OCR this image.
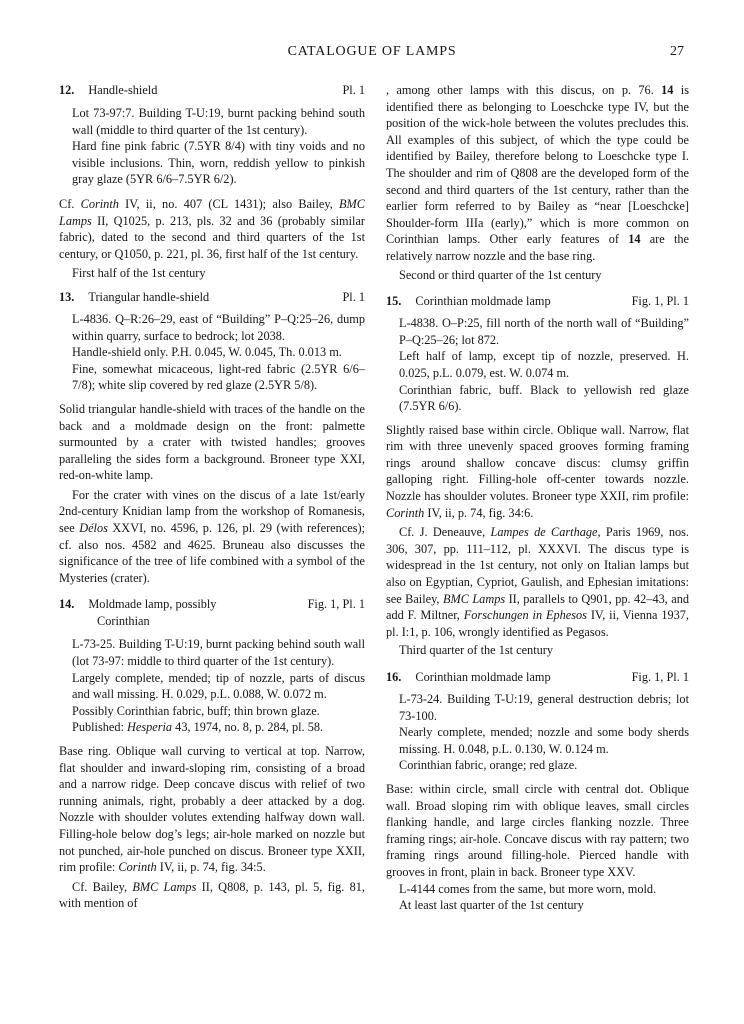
CATALOGUE OF LAMPS	27
12. Handle-shield	Pl. 1

Lot 73-97:7. Building T-U:19, burnt packing behind south wall (middle to third quarter of the 1st century).

Hard fine pink fabric (7.5YR 8/4) with tiny voids and no visible inclusions. Thin, worn, reddish yellow to pinkish gray glaze (5YR 6/6–7.5YR 6/2).

Cf. Corinth IV, ii, no. 407 (CL 1431); also Bailey, BMC Lamps II, Q1025, p. 213, pls. 32 and 36 (probably similar fabric), dated to the second and third quarters of the 1st century, or Q1050, p. 221, pl. 36, first half of the 1st century.

First half of the 1st century

13. Triangular handle-shield	Pl. 1

L-4836. Q–R:26–29, east of “Building” P–Q:25–26, dump within quarry, surface to bedrock; lot 2038.

Handle-shield only. P.H. 0.045, W. 0.045, Th. 0.013 m.

Fine, somewhat micaceous, light-red fabric (2.5YR 6/6–7/8); white slip covered by red glaze (2.5YR 5/8).

Solid triangular handle-shield with traces of the handle on the back and a moldmade design on the front: palmette surmounted by a crater with twisted handles; grooves paralleling the sides form a background. Broneer type XXI, red-on-white lamp.

For the crater with vines on the discus of a late 1st/early 2nd-century Knidian lamp from the workshop of Romanesis, see Délos XXVI, no. 4596, p. 126, pl. 29 (with references); cf. also nos. 4582 and 4625. Bruneau also discusses the significance of the tree of life combined with a symbol of the Mysteries (crater).

14. Moldmade lamp, possibly	Fig. 1, Pl. 1
Corinthian

L-73-25. Building T-U:19, burnt packing behind south wall (lot 73-97: middle to third quarter of the 1st century).

Largely complete, mended; tip of nozzle, parts of discus and wall missing. H. 0.029, p.L. 0.088, W. 0.072 m.

Possibly Corinthian fabric, buff; thin brown glaze.

Published: Hesperia 43, 1974, no. 8, p. 284, pl. 58.

Base ring. Oblique wall curving to vertical at top. Narrow, flat shoulder and inward-sloping rim, consisting of a broad and a narrow ridge. Deep concave discus with relief of two running animals, right, probably a deer attacked by a dog. Nozzle with shoulder volutes extending halfway down wall. Filling-hole below dog’s legs; air-hole marked on nozzle but not punched, air-hole punched on discus. Broneer type XXII, rim profile: Corinth IV, ii, p. 74, fig. 34:5.

Cf. Bailey, BMC Lamps II, Q808, p. 143, pl. 5, fig. 81, with mention of

, among other lamps with this discus, on p. 76. 14 is identified there as belonging to Loeschcke type IV, but the position of the wick-hole between the volutes precludes this. All examples of this subject, of which the type could be identified by Bailey, therefore belong to Loeschcke type I. The shoulder and rim of Q808 are the developed form of the second and third quarters of the 1st century, rather than the earlier form referred to by Bailey as “near [Loeschcke] Shoulder-form IIIa (early),” which is more common on Corinthian lamps. Other early features of 14 are the relatively narrow nozzle and the base ring.

Second or third quarter of the 1st century

15. Corinthian moldmade lamp	Fig. 1, Pl. 1

L-4838. O–P:25, fill north of the north wall of “Building” P–Q:25–26; lot 872.

Left half of lamp, except tip of nozzle, preserved. H. 0.025, p.L. 0.079, est. W. 0.074 m.

Corinthian fabric, buff. Black to yellowish red glaze (7.5YR 6/6).

Slightly raised base within circle. Oblique wall. Narrow, flat rim with three unevenly spaced grooves forming framing rings around shallow concave discus: clumsy griffin galloping right. Filling-hole off-center towards nozzle. Nozzle has shoulder volutes. Broneer type XXII, rim profile: Corinth IV, ii, p. 74, fig. 34:6.

Cf. J. Deneauve, Lampes de Carthage, Paris 1969, nos. 306, 307, pp. 111–112, pl. XXXVI. The discus type is widespread in the 1st century, not only on Italian lamps but also on Egyptian, Cypriot, Gaulish, and Ephesian imitations: see Bailey, BMC Lamps II, parallels to Q901, pp. 42–43, and add F. Miltner, Forschungen in Ephesos IV, ii, Vienna 1937, pl. I:1, p. 106, wrongly identified as Pegasos.

Third quarter of the 1st century

16. Corinthian moldmade lamp	Fig. 1, Pl. 1

L-73-24. Building T-U:19, general destruction debris; lot 73-100.

Nearly complete, mended; nozzle and some body sherds missing. H. 0.048, p.L. 0.130, W. 0.124 m.

Corinthian fabric, orange; red glaze.

Base: within circle, small circle with central dot. Oblique wall. Broad sloping rim with oblique leaves, small circles flanking handle, and large circles flanking nozzle. Three framing rings; air-hole. Concave discus with ray pattern; two framing rings around filling-hole. Pierced handle with grooves in front, plain in back. Broneer type XXV.

L-4144 comes from the same, but more worn, mold.

At least last quarter of the 1st century
